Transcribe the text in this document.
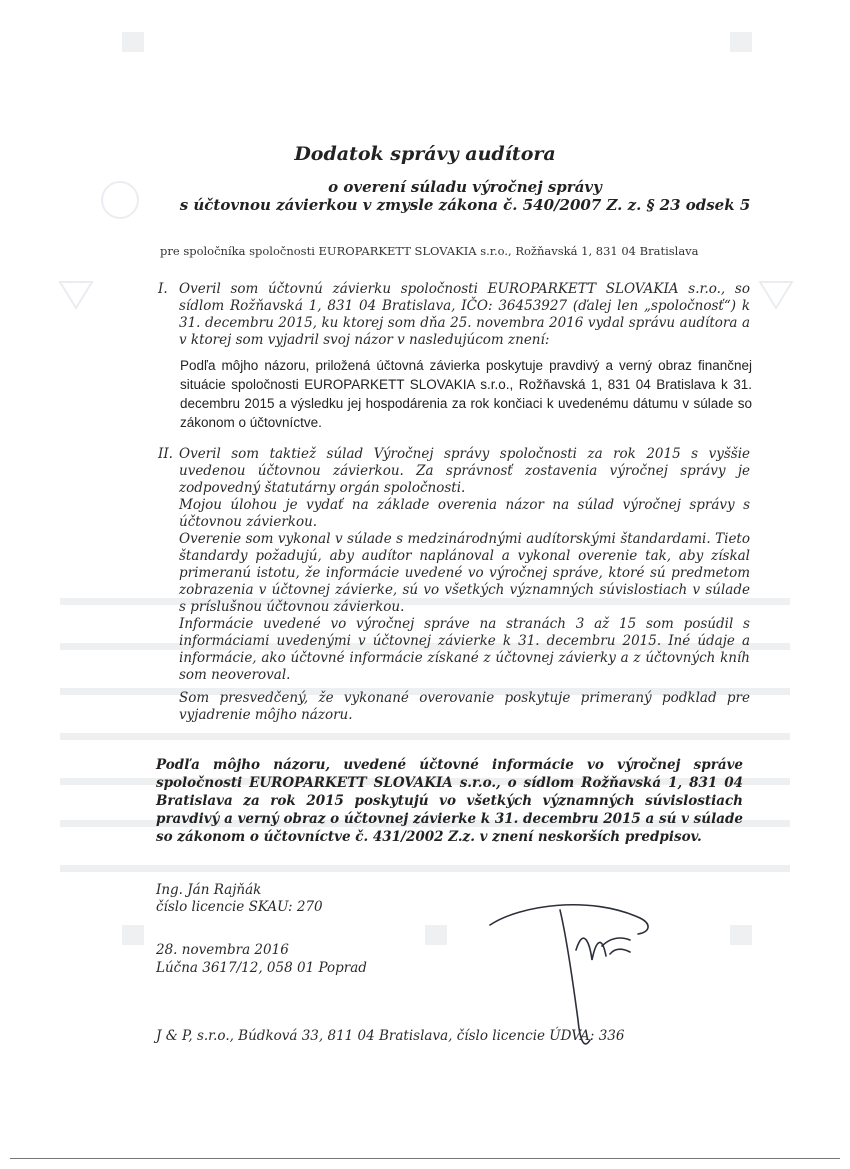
Dodatok správy audítora
o overení súladu výročnej správy
s účtovnou závierkou v zmysle zákona č. 540/2007 Z. z. § 23 odsek 5
pre spoločníka spoločnosti EUROPARKETT SLOVAKIA s.r.o., Rožňavská 1, 831 04 Bratislava
I. Overil som účtovnú závierku spoločnosti EUROPARKETT SLOVAKIA s.r.o., so sídlom Rožňavská 1, 831 04 Bratislava, IČO: 36453927 (ďalej len „spoločnosť“) k 31. decembru 2015, ku ktorej som dňa 25. novembra 2016 vydal správu audítora a v ktorej som vyjadril svoj názor v nasledujúcom znení:

Podľa môjho názoru, priložená účtovná závierka poskytuje pravdivý a verný obraz finančnej situácie spoločnosti EUROPARKETT SLOVAKIA s.r.o., Rožňavská 1, 831 04 Bratislava k 31. decembru 2015 a výsledku jej hospodárenia za rok končiaci k uvedenému dátumu v súlade so zákonom o účtovníctve.
II. Overil som taktiež súlad Výročnej správy spoločnosti za rok 2015 s vyššie uvedenou účtovnou závierkou. Za správnosť zostavenia výročnej správy je zodpovedný štatutárny orgán spoločnosti.

Mojou úlohou je vydať na základe overenia názor na súlad výročnej správy s účtovnou závierkou.

Overenie som vykonal v súlade s medzinárodnými audítorskými štandardami. Tieto štandardy požadujú, aby audítor naplánoval a vykonal overenie tak, aby získal primeranú istotu, že informácie uvedené vo výročnej správe, ktoré sú predmetom zobrazenia v účtovnej závierke, sú vo všetkých významných súvislostiach v súlade s príslušnou účtovnou závierkou.

Informácie uvedené vo výročnej správe na stranách 3 až 15 som posúdil s informáciami uvedenými v účtovnej závierke k 31. decembru 2015. Iné údaje a informácie, ako účtovné informácie získané z účtovnej závierky a z účtovných kníh som neoveroval.

Som presvedčený, že vykonané overovanie poskytuje primeraný podklad pre vyjadrenie môjho názoru.

Podľa môjho názoru, uvedené účtovné informácie vo výročnej správe spoločnosti EUROPARKETT SLOVAKIA s.r.o., o sídlom Rožňavská 1, 831 04 Bratislava za rok 2015 poskytujú vo všetkých významných súvislostiach pravdivý a verný obraz o účtovnej závierke k 31. decembru 2015 a sú v súlade so zákonom o účtovníctve č. 431/2002 Z.z. v znení neskorších predpisov.
Ing. Ján Rajňák
číslo licencie SKAU: 270
28. novembra 2016
Lúčna 3617/12, 058 01 Poprad
J & P, s.r.o., Búdková 33, 811 04 Bratislava, číslo licencie ÚDVA: 336
